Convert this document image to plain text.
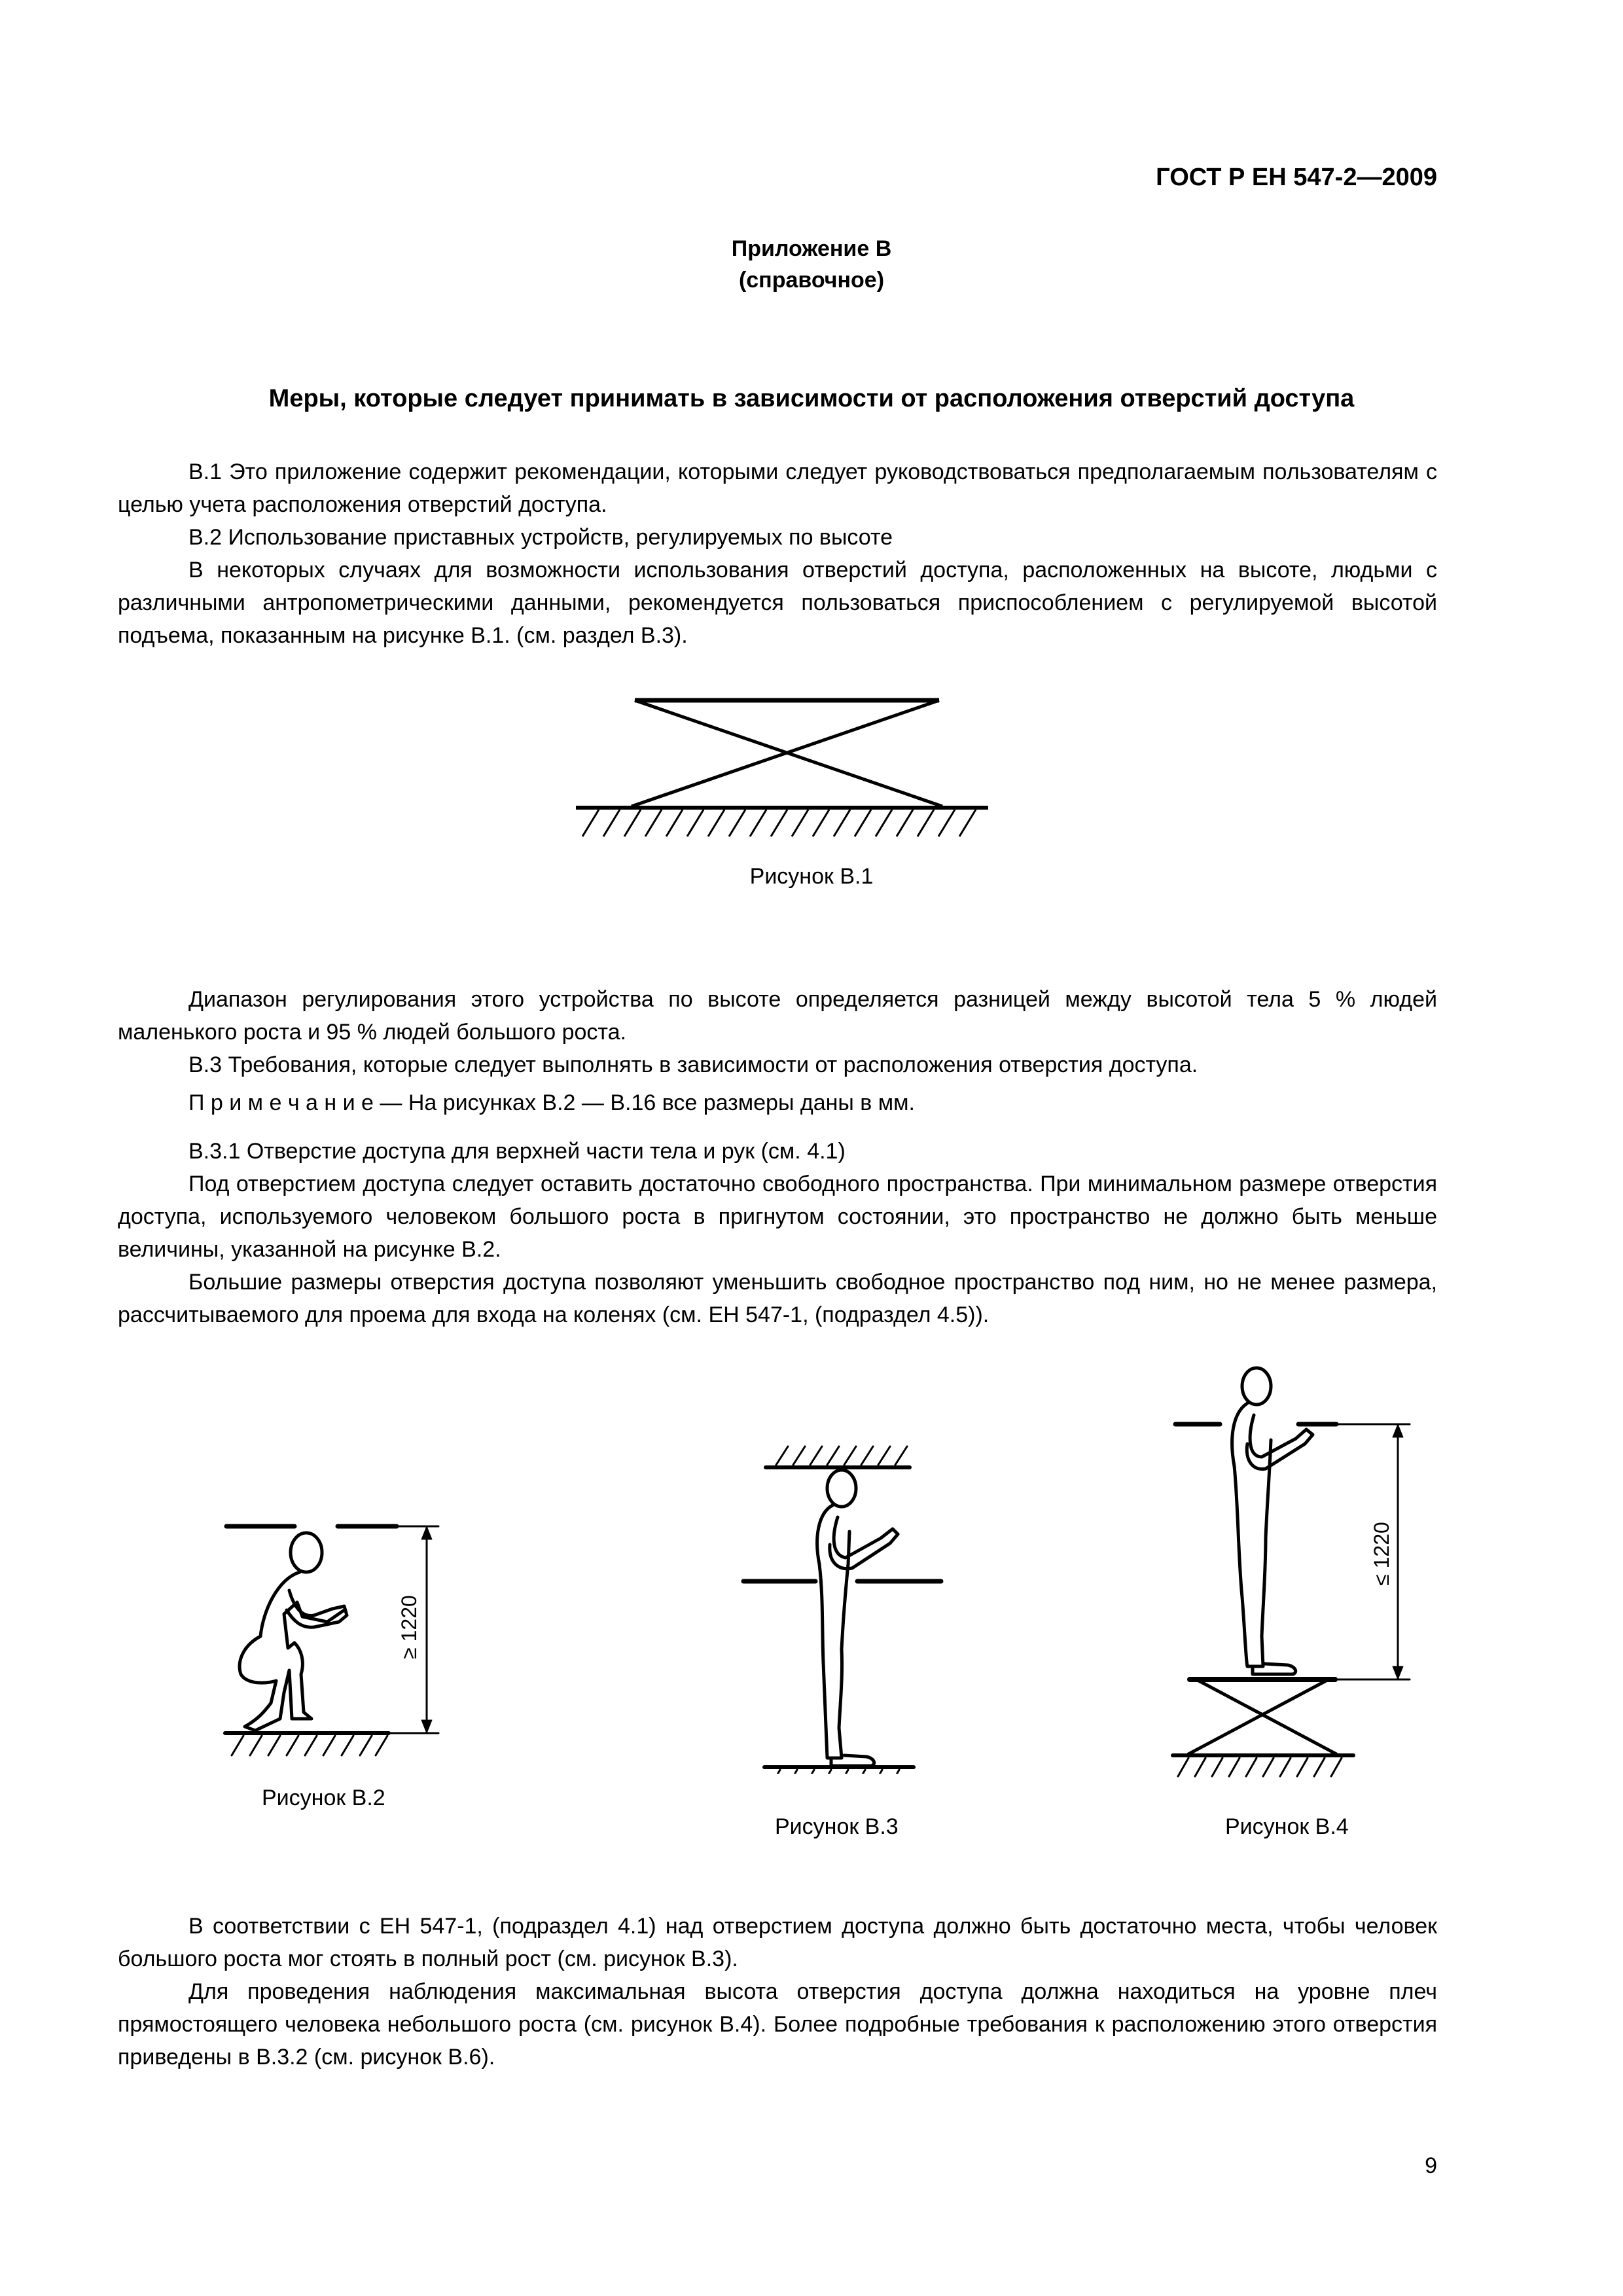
ГОСТ Р ЕН 547-2—2009
Приложение В
(справочное)
Меры, которые следует принимать в зависимости от расположения отверстий доступа

В.1 Это приложение содержит рекомендации, которыми следует руководствоваться предполагаемым пользователям с целью учета расположения отверстий доступа.

В.2 Использование приставных устройств, регулируемых по высоте

В некоторых случаях для возможности использования отверстий доступа, расположенных на высоте, людьми с различными антропометрическими данными, рекомендуется пользоваться приспособлением с регулируемой высотой подъема, показанным на рисунке В.1. (см. раздел В.3).

Рисунок В.1

Диапазон регулирования этого устройства по высоте определяется разницей между высотой тела 5 % людей маленького роста и 95 % людей большого роста.

В.3 Требования, которые следует выполнять в зависимости от расположения отверстия доступа.

П р и м е ч а н и е — На рисунках В.2 — В.16 все размеры даны в мм.

В.3.1 Отверстие доступа для верхней части тела и рук (см. 4.1)

Под отверстием доступа следует оставить достаточно свободного пространства. При минимальном размере отверстия доступа, используемого человеком большого роста в пригнутом состоянии, это пространство не должно быть меньше величины, указанной на рисунке В.2.

Большие размеры отверстия доступа позволяют уменьшить свободное пространство под ним, но не менее размера, рассчитываемого для проема для входа на коленях (см. ЕН 547-1, (подраздел 4.5)).

≥ 1220
Рисунок В.2
Рисунок В.3
≤ 1220
Рисунок В.4

В соответствии с ЕН 547-1, (подраздел 4.1) над отверстием доступа должно быть достаточно места, чтобы человек большого роста мог стоять в полный рост (см. рисунок В.3).

Для проведения наблюдения максимальная высота отверстия доступа должна находиться на уровне плеч прямостоящего человека небольшого роста (см. рисунок В.4). Более подробные требования к расположению этого отверстия приведены в В.3.2 (см. рисунок В.6).

9
